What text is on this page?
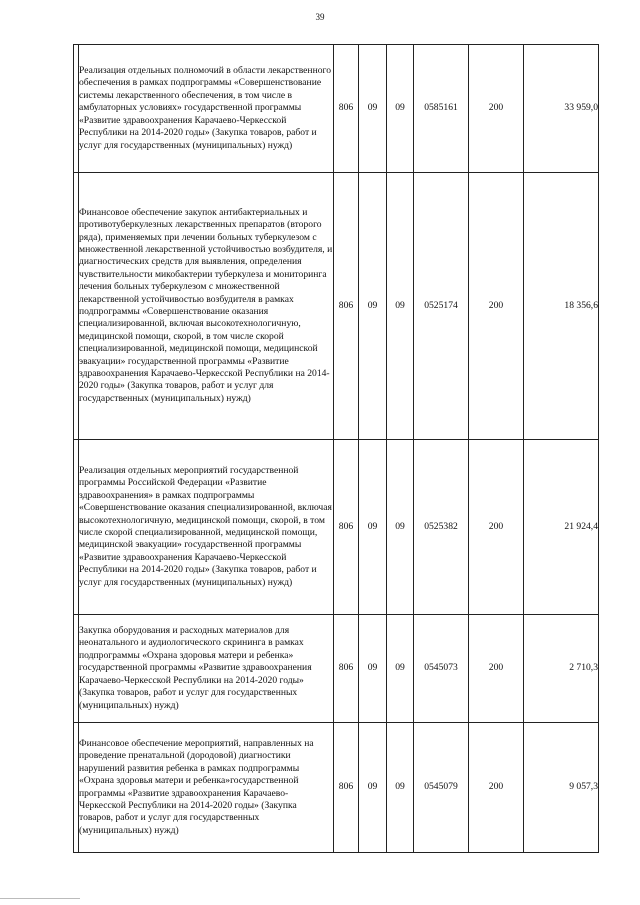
39
	Реализация отдельных полномочий в области лекарственного обеспечения в рамках подпрограммы «Совершенствование системы лекарственного обеспечения, в том числе в амбулаторных условиях» государственной программы «Развитие здравоохранения Карачаево-Черкесской Республики на 2014-2020 годы» (Закупка товаров, работ и услуг для государственных (муниципальных) нужд)	806	09	09	0585161	200	33 959,0
	Финансовое обеспечение закупок антибактериальных и противотуберкулезных лекарственных препаратов (второго ряда), применяемых при лечении больных туберкулезом с множественной лекарственной устойчивостью возбудителя, и диагностических средств для выявления, определения чувствительности микобактерии туберкулеза и мониторинга лечения больных туберкулезом с множественной лекарственной устойчивостью возбудителя в рамках подпрограммы «Совершенствование оказания специализированной, включая высокотехнологичную, медицинской помощи, скорой, в том числе скорой специализированной, медицинской помощи, медицинской эвакуации» государственной программы «Развитие здравоохранения Карачаево-Черкесской Республики на 2014-2020 годы» (Закупка товаров, работ и услуг для государственных (муниципальных) нужд)	806	09	09	0525174	200	18 356,6
	Реализация отдельных мероприятий государственной программы Российской Федерации «Развитие здравоохранения» в рамках подпрограммы «Совершенствование оказания специализированной, включая высокотехнологичную, медицинской помощи, скорой, в том числе скорой специализированной, медицинской помощи, медицинской эвакуации» государственной программы «Развитие здравоохранения Карачаево-Черкесской Республики на 2014-2020 годы» (Закупка товаров, работ и услуг для государственных (муниципальных) нужд)	806	09	09	0525382	200	21 924,4
	Закупка оборудования и расходных материалов для неонатального и аудиологического скрининга в рамках подпрограммы «Охрана здоровья матери и ребенка» государственной программы «Развитие здравоохранения Карачаево-Черкесской Республики на 2014-2020 годы» (Закупка товаров, работ и услуг для государственных (муниципальных) нужд)	806	09	09	0545073	200	2 710,3
	Финансовое обеспечение мероприятий, направленных на проведение пренатальной (дородовой) диагностики нарушений развития ребенка в рамках подпрограммы «Охрана здоровья матери и ребенка»государственной программы «Развитие здравоохранения Карачаево-Черкесской Республики на 2014-2020 годы» (Закупка товаров, работ и услуг для государственных (муниципальных) нужд)	806	09	09	0545079	200	9 057,3
